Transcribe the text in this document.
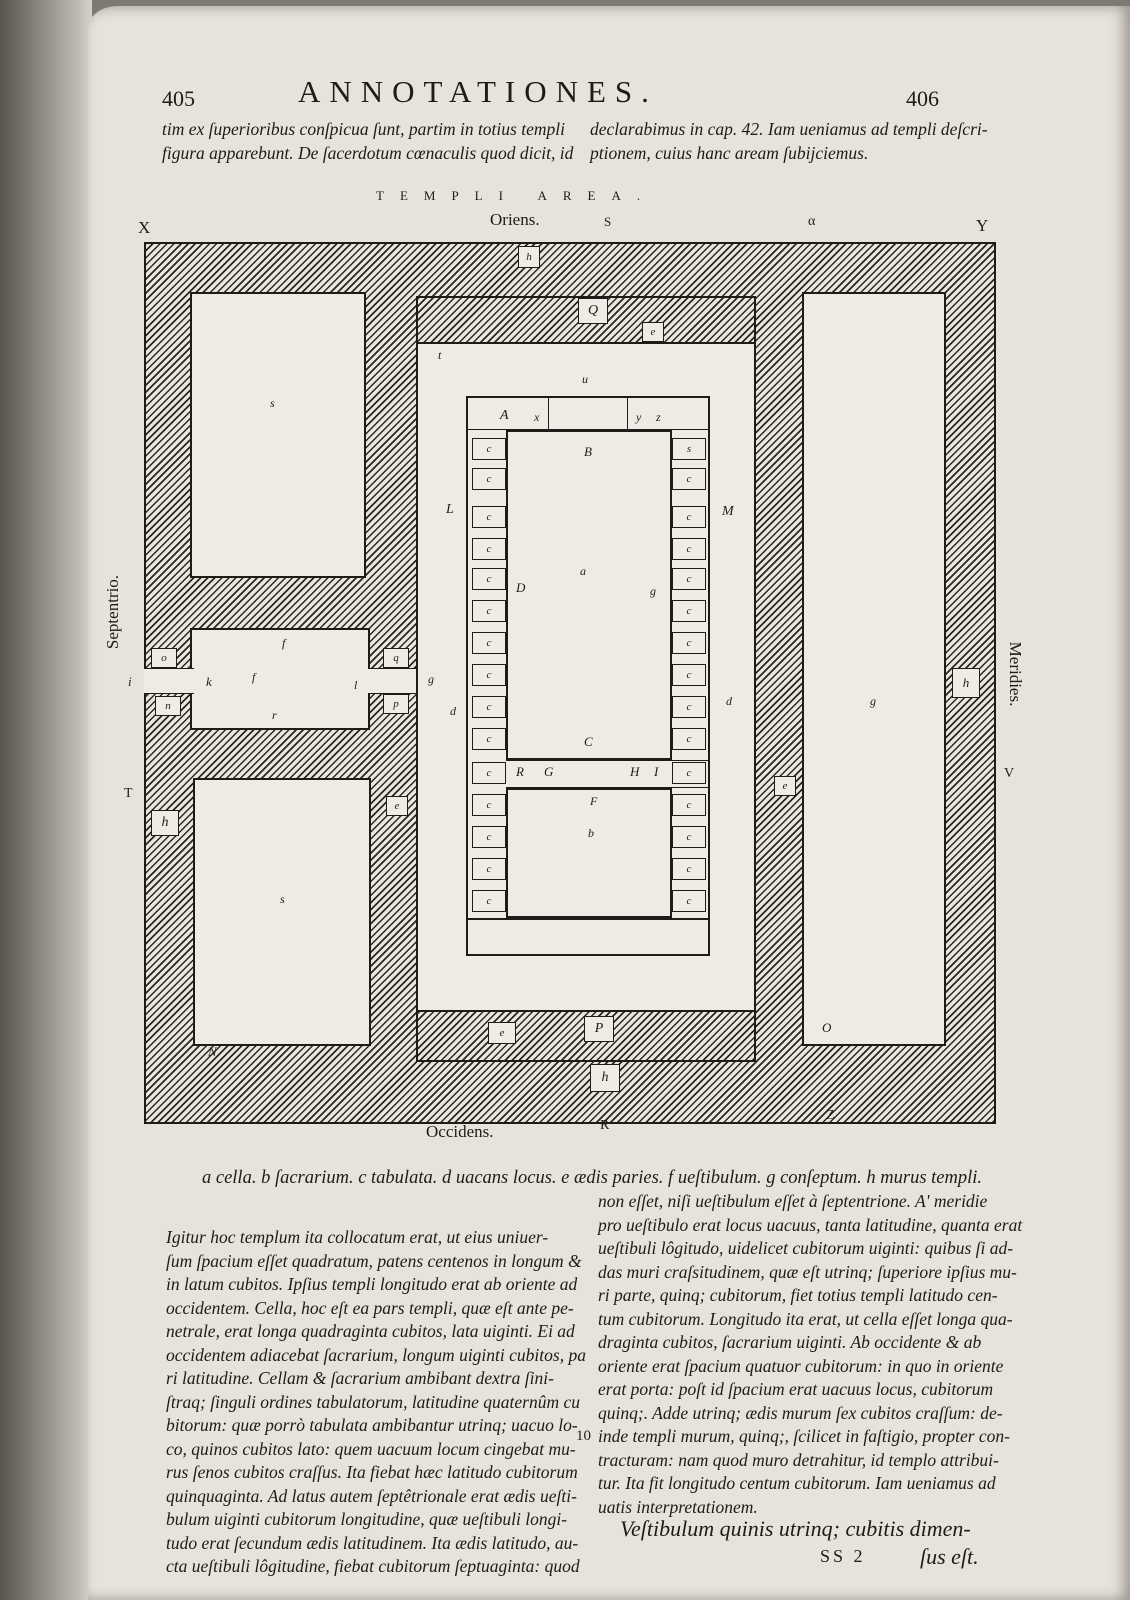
405	ANNOTATIONES.	406
tim ex ſuperioribus conſpicua ſunt, partim in totius templi
figura apparebunt. De ſacerdotum cœnaculis quod dicit, id
declarabimus in cap. 42. Iam ueniamus ad templi deſcri-
ptionem, cuius hanc aream ſubijciemus.
TEMPLI AREA.
Oriens.
X	S	α	Y
Septentrio.
Meridies.
i
T
V
c
c
c
c
c
c
c
c
c
c
c
c
c
c
c
s
c
c
c
c
c
c
c
c
c
c
c
c
c
c
h
Q
e
o
n
q
p
h
e
e
h
e	P
h
t
u
A x	y z
B
L	M
a
D	g
s
f
k	f
l
r
g
d
d	g
C
R G	H I
F
b
s
N
O
Occidens.	R
Z
a cella. b ſacrarium. c tabulata. d uacans locus. e ædis paries. f ueſtibulum. g conſeptum. h murus templi.
Igitur hoc templum ita collocatum erat, ut eius uniuer-
ſum ſpacium eſſet quadratum, patens centenos in longum &
in latum cubitos. Ipſius templi longitudo erat ab oriente ad
occidentem. Cella, hoc eſt ea pars templi, quæ eſt ante pe-
netrale, erat longa quadraginta cubitos, lata uiginti. Ei ad
occidentem adiacebat ſacrarium, longum uiginti cubitos, pa
ri latitudine. Cellam & ſacrarium ambibant dextra ſini-
ſtraq; ſinguli ordines tabulatorum, latitudine quaternûm cu
bitorum: quæ porrò tabulata ambibantur utrinq; uacuo lo-
co, quinos cubitos lato: quem uacuum locum cingebat mu-
rus ſenos cubitos craſſus. Ita fiebat hæc latitudo cubitorum
quinquaginta. Ad latus autem ſeptêtrionale erat ædis ueſti-
bulum uiginti cubitorum longitudine, quæ ueſtibuli longi-
tudo erat ſecundum ædis latitudinem. Ita ædis latitudo, au-
cta ueſtibuli lôgitudine, fiebat cubitorum ſeptuaginta: quod
10
non eſſet, niſi ueſtibulum eſſet à ſeptentrione. A' meridie
pro ueſtibulo erat locus uacuus, tanta latitudine, quanta erat
ueſtibuli lôgitudo, uidelicet cubitorum uiginti: quibus ſi ad-
das muri craſsitudinem, quæ eſt utrinq; ſuperiore ipſius mu-
ri parte, quinq; cubitorum, fiet totius templi latitudo cen-
tum cubitorum. Longitudo ita erat, ut cella eſſet longa qua-
draginta cubitos, ſacrarium uiginti. Ab occidente & ab
oriente erat ſpacium quatuor cubitorum: in quo in oriente
erat porta: poſt id ſpacium erat uacuus locus, cubitorum
quinq;. Adde utrinq; ædis murum ſex cubitos craſſum: de-
inde templi murum, quinq;, ſcilicet in faſtigio, propter con-
tracturam: nam quod muro detrahitur, id templo attribui-
tur. Ita fit longitudo centum cubitorum. Iam ueniamus ad
uatis interpretationem.
Veſtibulum quinis utrinq; cubitis dimen-
SS 2 ſus eſt.
